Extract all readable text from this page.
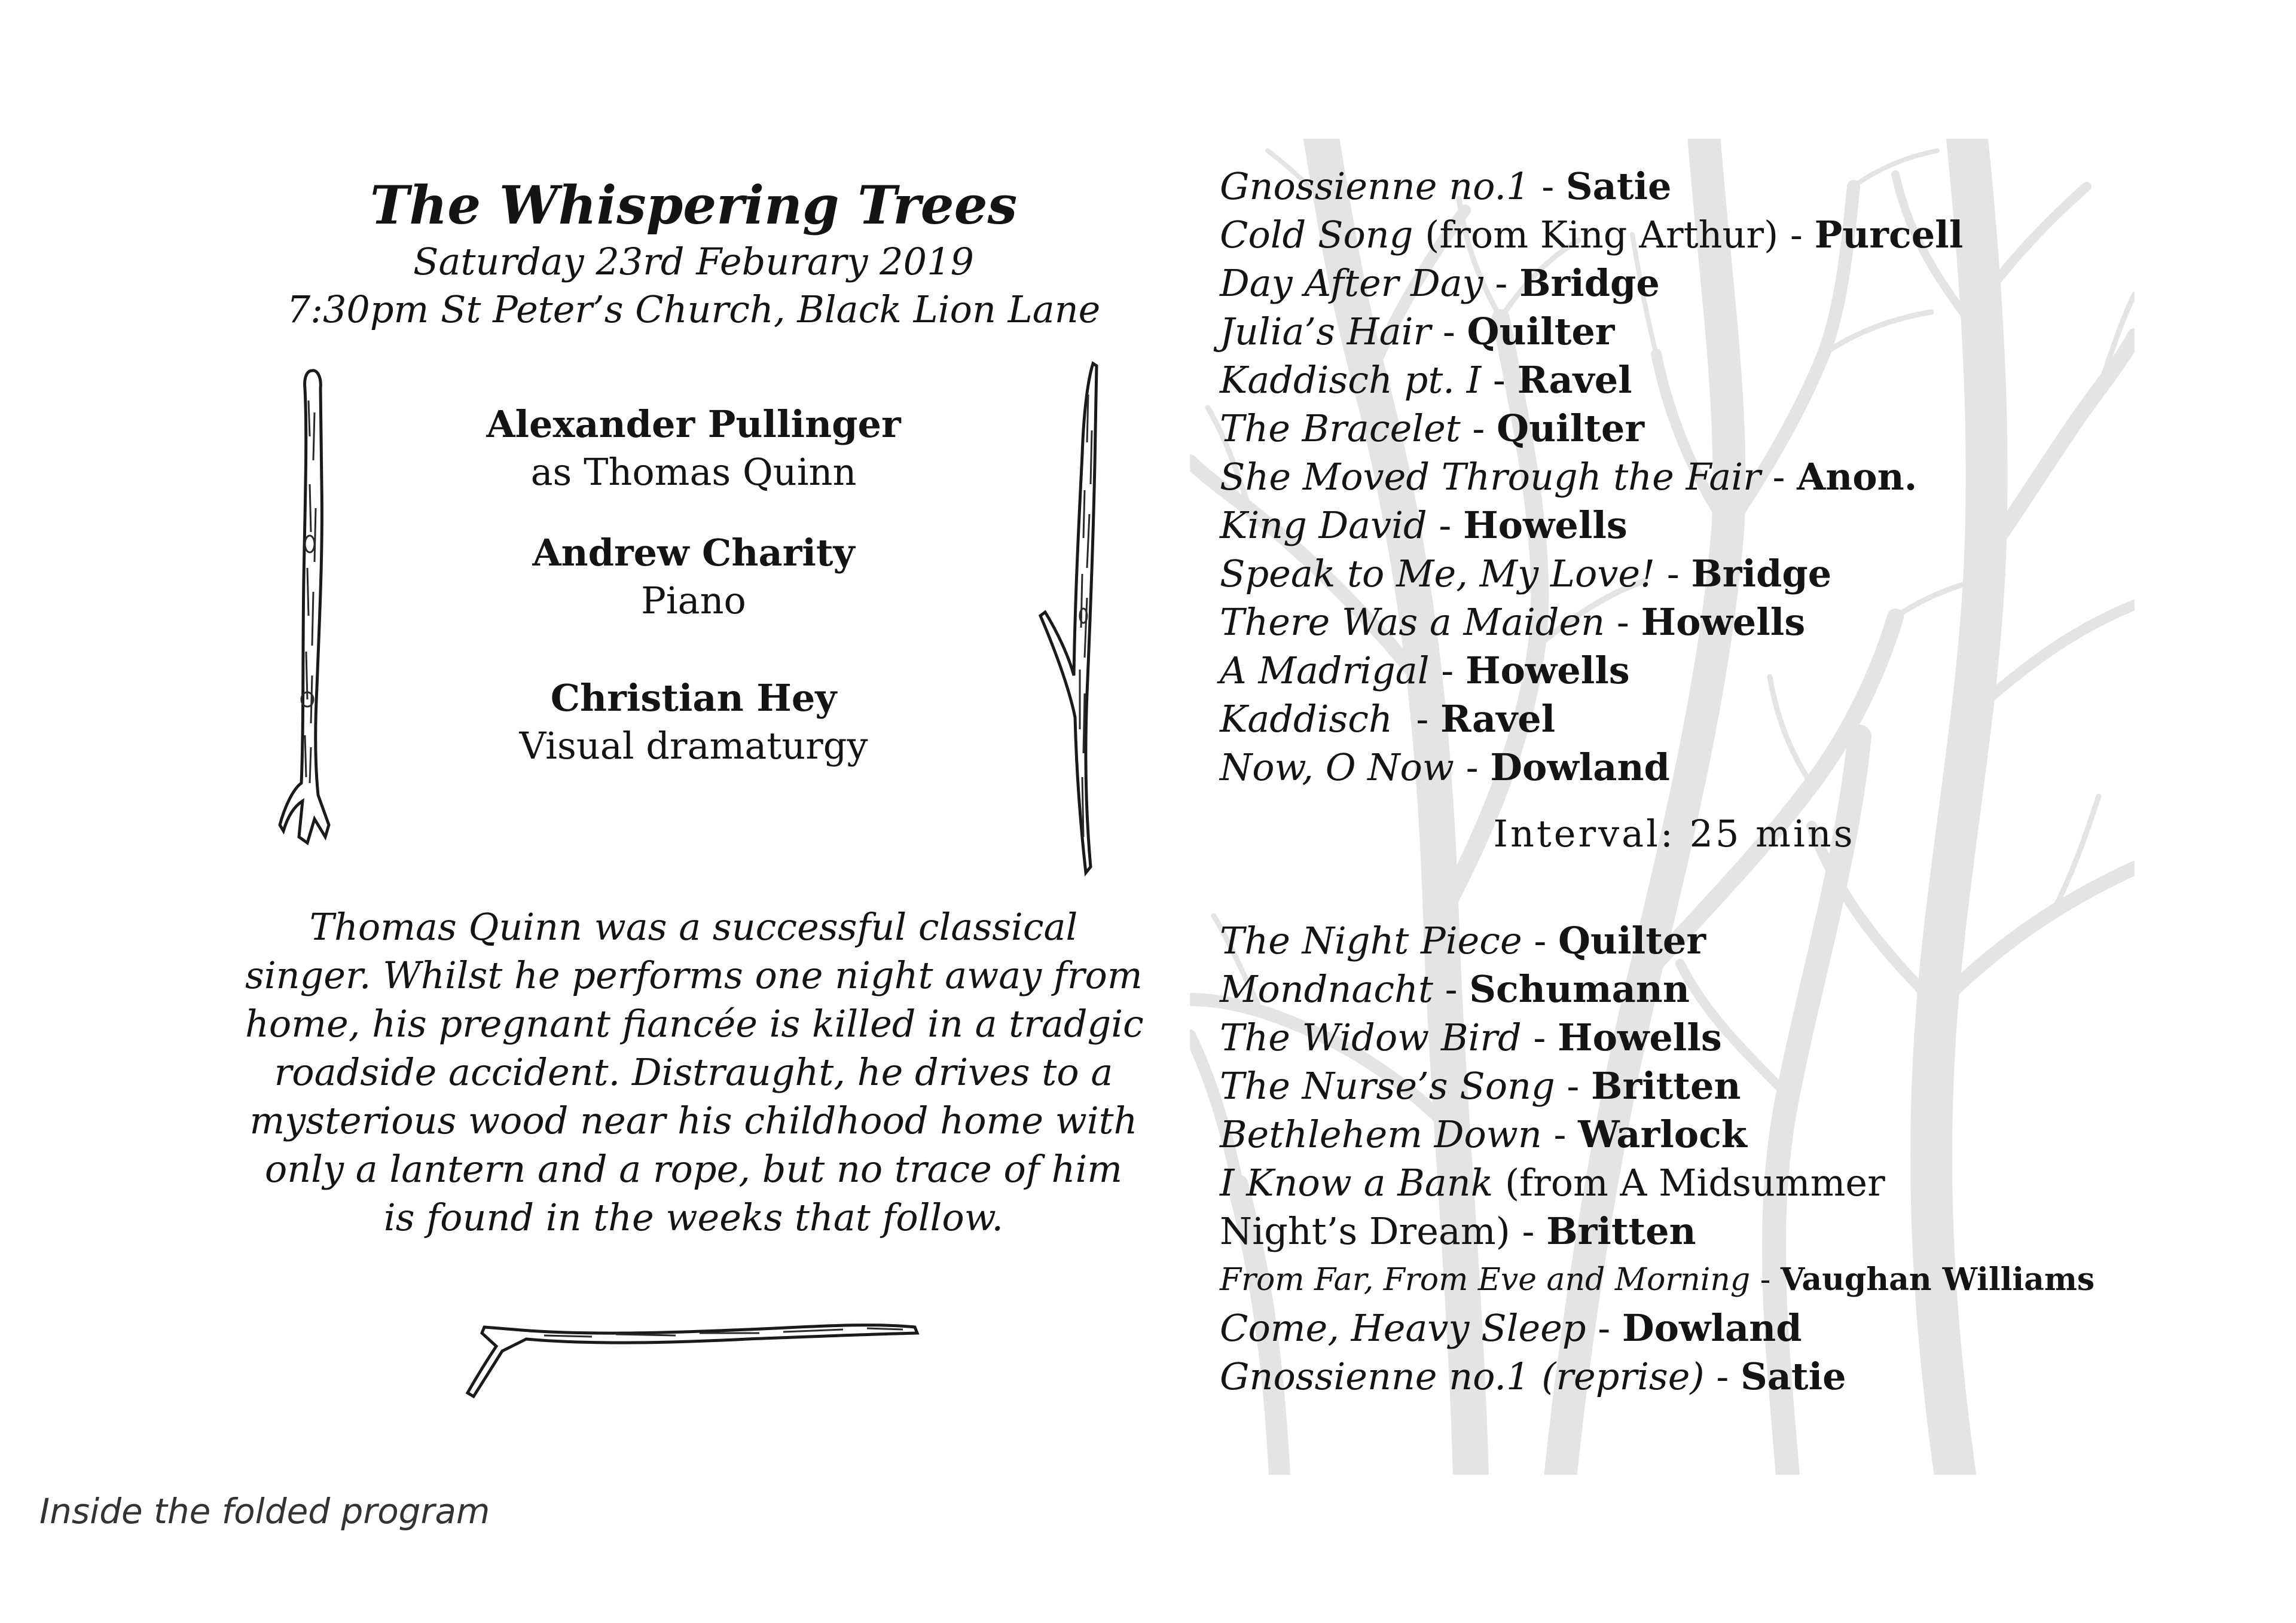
The Whispering Trees
Saturday 23rd Feburary 2019
7:30pm St Peter’s Church, Black Lion Lane
Alexander Pullinger
as Thomas Quinn
Andrew Charity
Piano
Christian Hey
Visual dramaturgy
Thomas Quinn was a successful classical
singer. Whilst he performs one night away from
home, his pregnant fiancée is killed in a tradgic
roadside accident. Distraught, he drives to a
mysterious wood near his childhood home with
only a lantern and a rope, but no trace of him
is found in the weeks that follow.
Gnossienne no.1 - Satie
Cold Song (from King Arthur) - Purcell
Day After Day - Bridge
Julia’s Hair - Quilter
Kaddisch pt. I - Ravel
The Bracelet - Quilter
She Moved Through the Fair - Anon.
King David - Howells
Speak to Me, My Love! - Bridge
There Was a Maiden - Howells
A Madrigal - Howells
Kaddisch  - Ravel
Now, O Now - Dowland
Interval: 25 mins
The Night Piece - Quilter
Mondnacht - Schumann
The Widow Bird - Howells
The Nurse’s Song - Britten
Bethlehem Down - Warlock
I Know a Bank (from A Midsummer
Night’s Dream) - Britten
From Far, From Eve and Morning - Vaughan Williams
Come, Heavy Sleep - Dowland
Gnossienne no.1 (reprise) - Satie
Inside the folded program
